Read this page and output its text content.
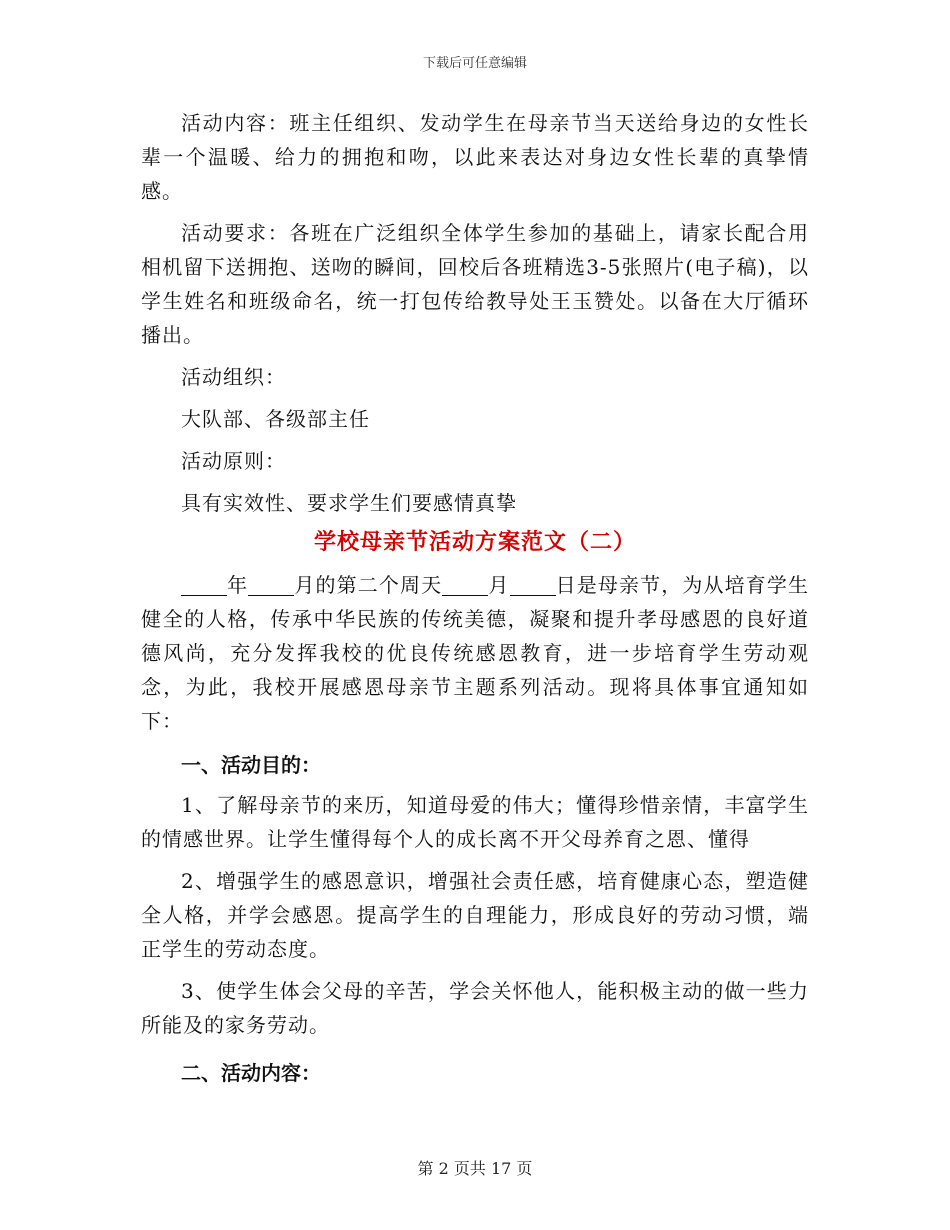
下载后可任意编辑

活动内容：班主任组织、发动学生在母亲节当天送给身边的女性长辈一个温暖、给力的拥抱和吻，以此来表达对身边女性长辈的真挚情感。

活动要求：各班在广泛组织全体学生参加的基础上，请家长配合用相机留下送拥抱、送吻的瞬间，回校后各班精选3-5张照片(电子稿)，以学生姓名和班级命名，统一打包传给教导处王玉赞处。以备在大厅循环播出。

活动组织：

大队部、各级部主任

活动原则：

具有实效性、要求学生们要感情真挚

学校母亲节活动方案范文（二）

年 月的第二个周天 月 日是母亲节，为从培育学生健全的人格，传承中华民族的传统美德，凝聚和提升孝母感恩的良好道德风尚，充分发挥我校的优良传统感恩教育，进一步培育学生劳动观念，为此，我校开展感恩母亲节主题系列活动。现将具体事宜通知如下：

一、活动目的：

1、了解母亲节的来历，知道母爱的伟大；懂得珍惜亲情，丰富学生的情感世界。让学生懂得每个人的成长离不开父母养育之恩、懂得

2、增强学生的感恩意识，增强社会责任感，培育健康心态，塑造健全人格，并学会感恩。提高学生的自理能力，形成良好的劳动习惯，端正学生的劳动态度。

3、使学生体会父母的辛苦，学会关怀他人，能积极主动的做一些力所能及的家务劳动。

二、活动内容：
第 2 页共 17 页
